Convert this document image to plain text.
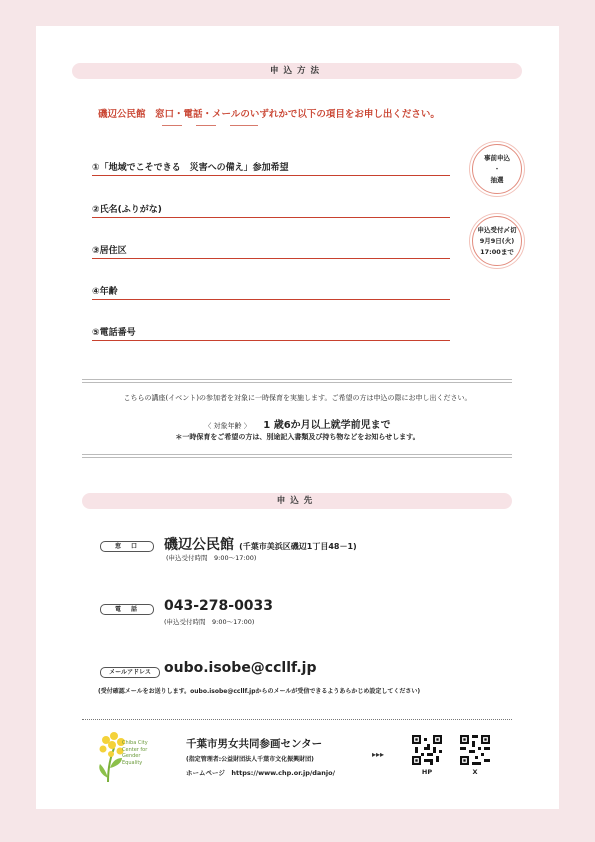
申込方法
磯辺公民館　 窓口・電話・メールのいずれかで以下の項目をお申し出ください。
①「地域でこそできる　災害への備え」参加希望
②氏名(ふりがな)
③居住区
④年齢
⑤電話番号
事前申込
・
抽選
申込受付〆切
9月9日(火)
17:00まで
こちらの講座(イベント)の参加者を対象に一時保育を実施します。ご希望の方は申込の際にお申し出ください。
〈 対象年齢 〉　 1 歳6か月以上就学前児まで
＊一時保育をご希望の方は、別途記入書類及び持ち物などをお知らせします。
申込先
窓　口	磯辺公民館 (千葉市美浜区磯辺1丁目48－1)
(申込受付時間　9:00～17:00)
電　話	043-278-0033
(申込受付時間　9:00～17:00)
メールアドレス oubo.isobe@ccllf.jp
(受付確認メールをお送りします。oubo.isobe@ccllf.jpからのメールが受信できるようあらかじめ設定してください)
Chiba City
Center for
Gender
Equality
千葉市男女共同参画センター
(指定管理者:公益財団法人千葉市文化振興財団)
ホームページ　 https://www.chp.or.jp/danjo/
▸▸▸
HP	X
